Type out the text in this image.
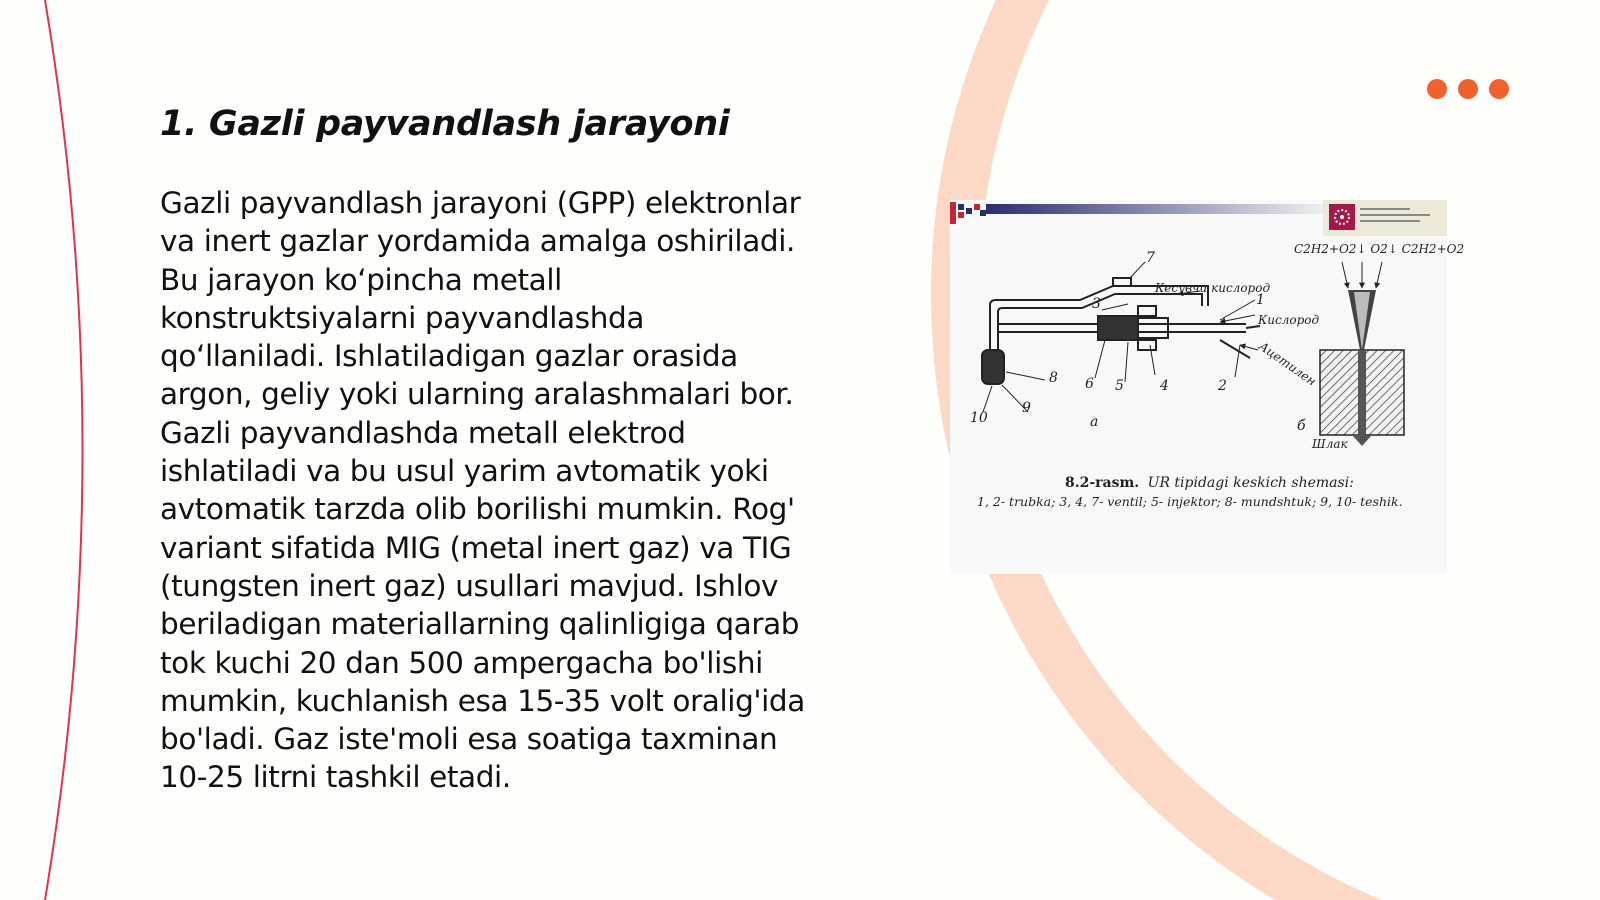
1. Gazli payvandlash jarayoni

Gazli payvandlash jarayoni (GPP) elektronlar
va inert gazlar yordamida amalga oshiriladi.
Bu jarayon ko‘pincha metall
konstruktsiyalarni payvandlashda
qo‘llaniladi. Ishlatiladigan gazlar orasida
argon, geliy yoki ularning aralashmalari bor.
Gazli payvandlashda metall elektrod
ishlatiladi va bu usul yarim avtomatik yoki
avtomatik tarzda olib borilishi mumkin. Rog'
variant sifatida MIG (metal inert gaz) va TIG
(tungsten inert gaz) usullari mavjud. Ishlov
beriladigan materiallarning qalinligiga qarab
tok kuchi 20 dan 500 ampergacha bo'lishi
mumkin, kuchlanish esa 15-35 volt oralig'ida
bo'ladi. Gaz iste'moli esa soatiga taxminan
10-25 litrni tashkil etadi.

7
3	1
8 6 5	4	2
9
10
Кесувчи кислород
Кислород
Ацетилен
а	б
Шлак
C2H2+O2↓ O2↓ C2H2+O2
8.2-rasm. UR tipidagi keskich shemasi:
1, 2- trubka; 3, 4, 7- ventil; 5- injektor; 8- mundshtuk; 9, 10- teshik.
